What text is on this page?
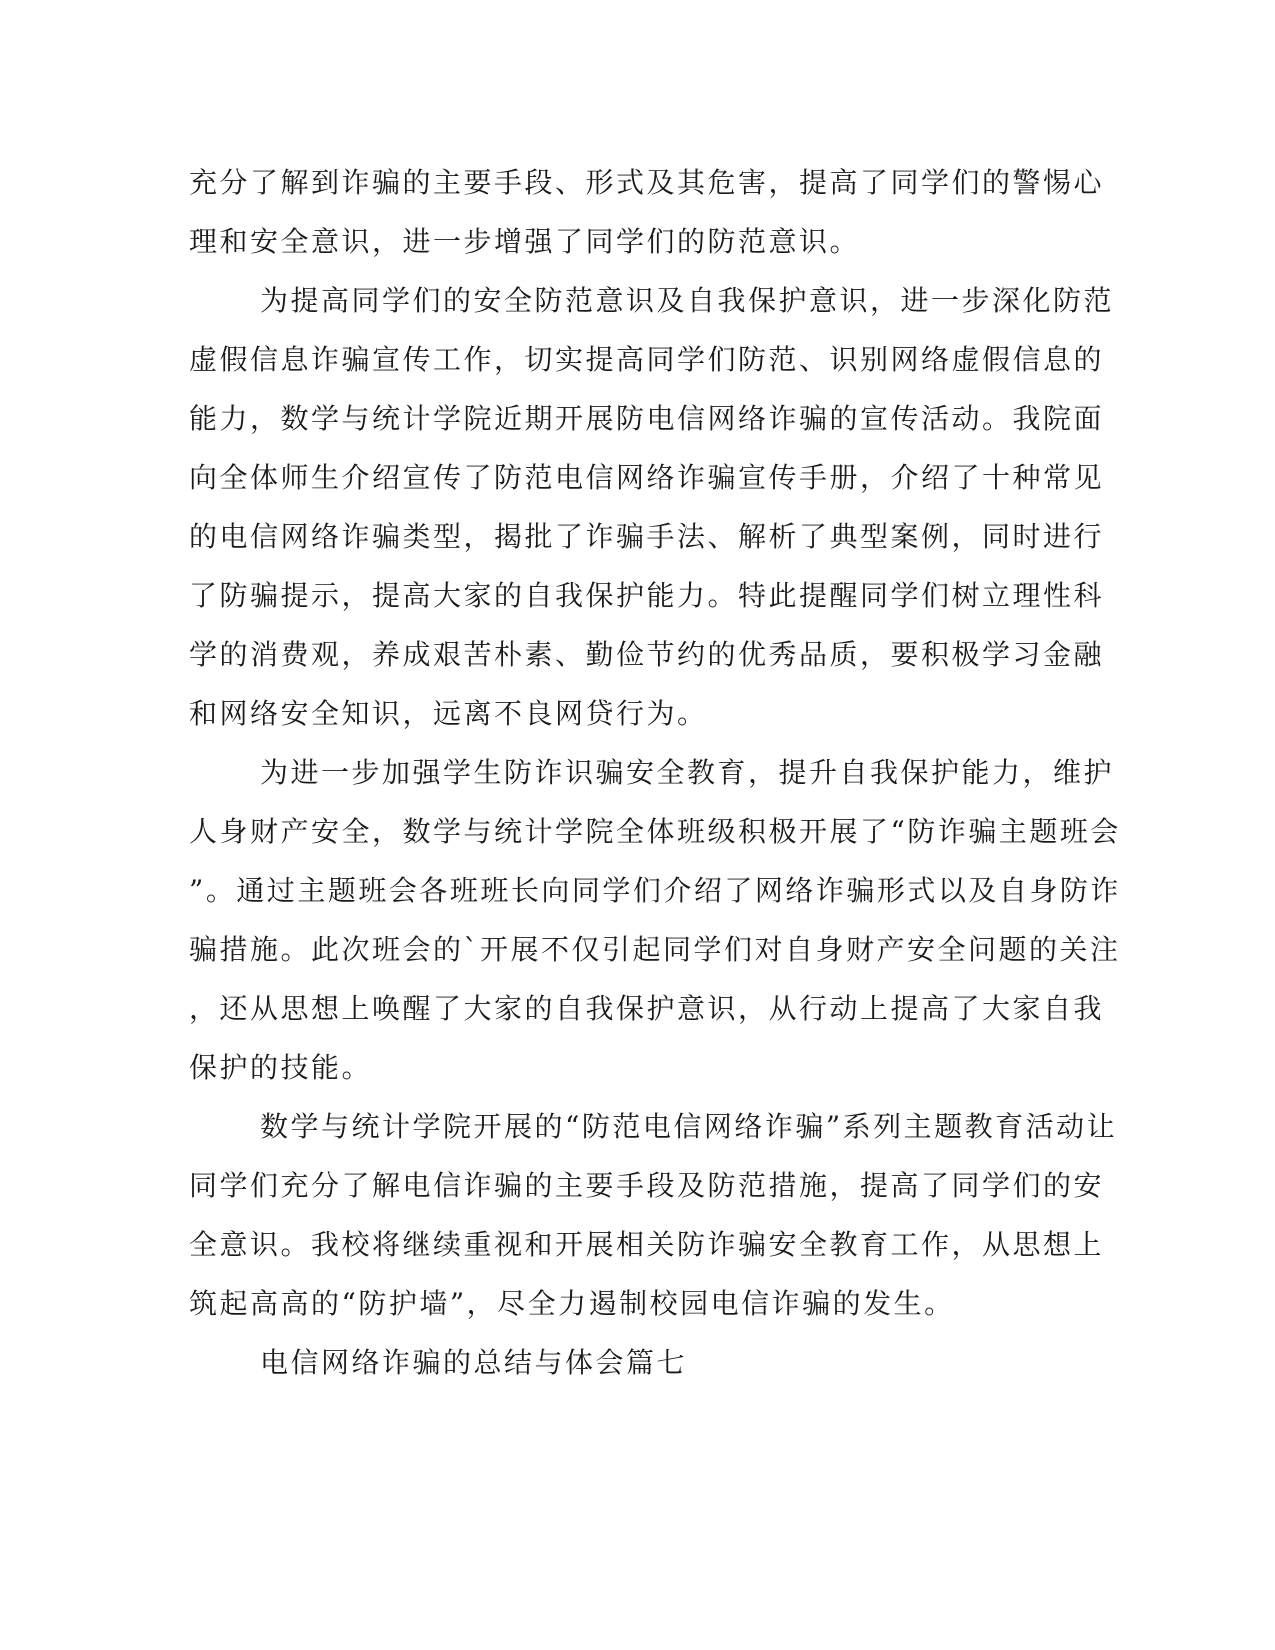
充分了解到诈骗的主要手段、形式及其危害，提高了同学们的警惕心
理和安全意识，进一步增强了同学们的防范意识。
为提高同学们的安全防范意识及自我保护意识，进一步深化防范
虚假信息诈骗宣传工作，切实提高同学们防范、识别网络虚假信息的
能力，数学与统计学院近期开展防电信网络诈骗的宣传活动。我院面
向全体师生介绍宣传了防范电信网络诈骗宣传手册，介绍了十种常见
的电信网络诈骗类型，揭批了诈骗手法、解析了典型案例，同时进行
了防骗提示，提高大家的自我保护能力。特此提醒同学们树立理性科
学的消费观，养成艰苦朴素、勤俭节约的优秀品质，要积极学习金融
和网络安全知识，远离不良网贷行为。
为进一步加强学生防诈识骗安全教育，提升自我保护能力，维护
人身财产安全，数学与统计学院全体班级积极开展了“防诈骗主题班会
”。通过主题班会各班班长向同学们介绍了网络诈骗形式以及自身防诈
骗措施。此次班会的`开展不仅引起同学们对自身财产安全问题的关注
，还从思想上唤醒了大家的自我保护意识，从行动上提高了大家自我
保护的技能。
数学与统计学院开展的“防范电信网络诈骗”系列主题教育活动让
同学们充分了解电信诈骗的主要手段及防范措施，提高了同学们的安
全意识。我校将继续重视和开展相关防诈骗安全教育工作，从思想上
筑起高高的“防护墙”，尽全力遏制校园电信诈骗的发生。
电信网络诈骗的总结与体会篇七
